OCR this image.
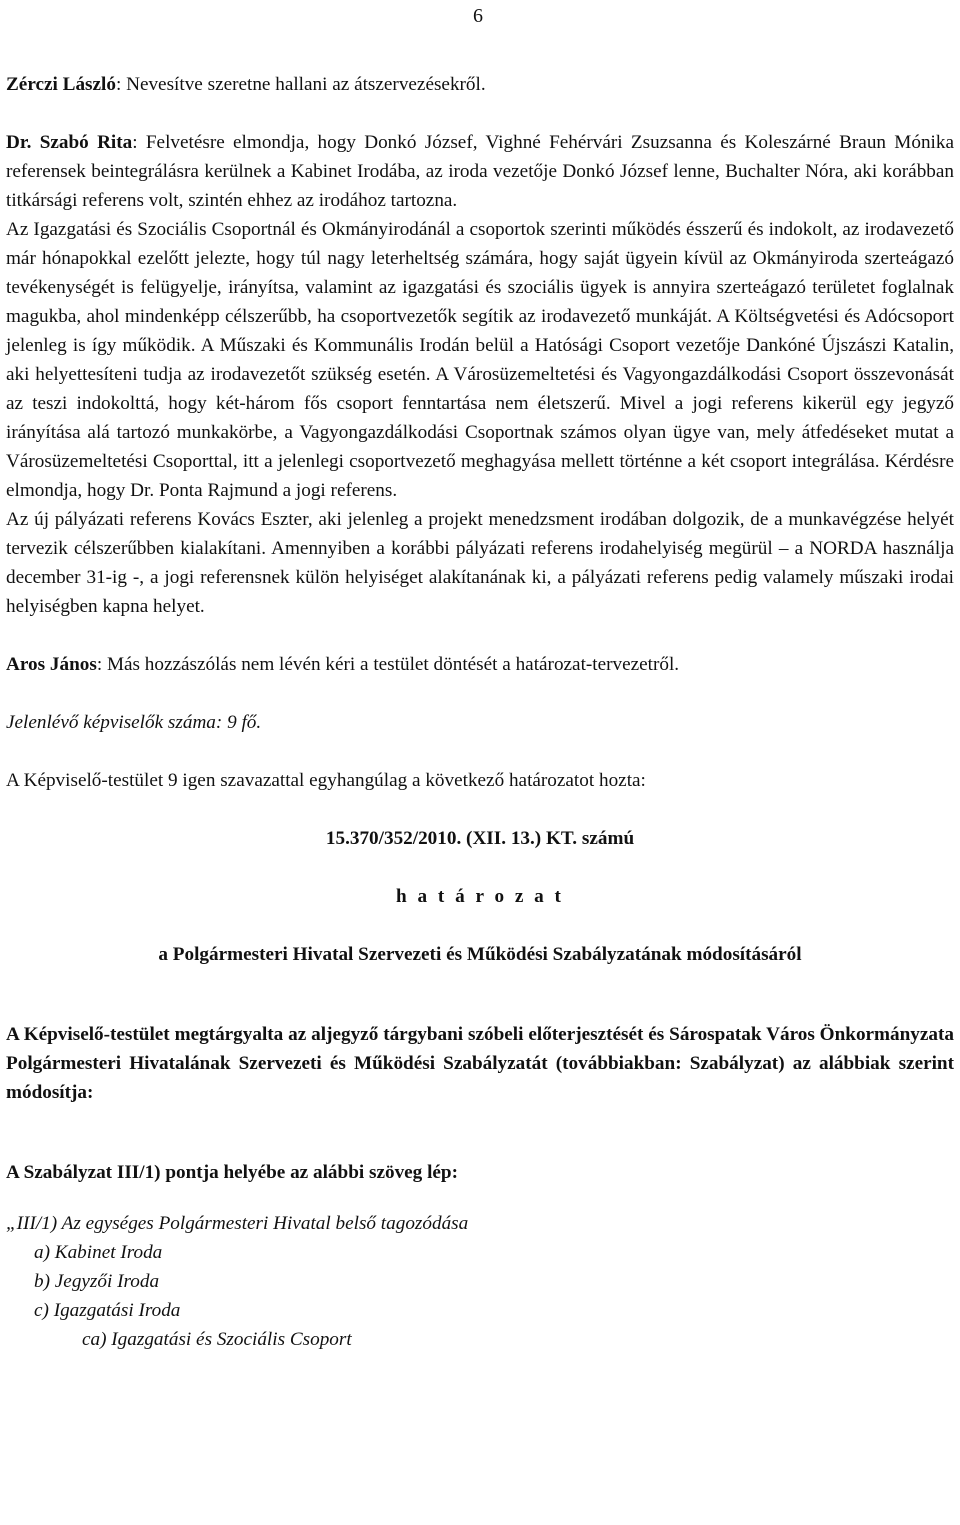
6

Zérczi László: Nevesítve szeretne hallani az átszervezésekről.

Dr. Szabó Rita: Felvetésre elmondja, hogy Donkó József, Vighné Fehérvári Zsuzsanna és Koleszárné Braun Mónika referensek beintegrálásra kerülnek a Kabinet Irodába, az iroda vezetője Donkó József lenne, Buchalter Nóra, aki korábban titkársági referens volt, szintén ehhez az irodához tartozna.

Az Igazgatási és Szociális Csoportnál és Okmányirodánál a csoportok szerinti működés ésszerű és indokolt, az irodavezető már hónapokkal ezelőtt jelezte, hogy túl nagy leterheltség számára, hogy saját ügyein kívül az Okmányiroda szerteágazó tevékenységét is felügyelje, irányítsa, valamint az igazgatási és szociális ügyek is annyira szerteágazó területet foglalnak magukba, ahol mindenképp célszerűbb, ha csoportvezetők segítik az irodavezető munkáját. A Költségvetési és Adócsoport jelenleg is így működik. A Műszaki és Kommunális Irodán belül a Hatósági Csoport vezetője Dankóné Újszászi Katalin, aki helyettesíteni tudja az irodavezetőt szükség esetén. A Városüzemeltetési és Vagyongazdálkodási Csoport összevonását az teszi indokolttá, hogy két-három fős csoport fenntartása nem életszerű. Mivel a jogi referens kikerül egy jegyző irányítása alá tartozó munkakörbe, a Vagyongazdálkodási Csoportnak számos olyan ügye van, mely átfedéseket mutat a Városüzemeltetési Csoporttal, itt a jelenlegi csoportvezető meghagyása mellett történne a két csoport integrálása. Kérdésre elmondja, hogy Dr. Ponta Rajmund a jogi referens.

Az új pályázati referens Kovács Eszter, aki jelenleg a projekt menedzsment irodában dolgozik, de a munkavégzése helyét tervezik célszerűbben kialakítani. Amennyiben a korábbi pályázati referens irodahelyiség megürül – a NORDA használja december 31-ig -, a jogi referensnek külön helyiséget alakítanának ki, a pályázati referens pedig valamely műszaki irodai helyiségben kapna helyet.

Aros János: Más hozzászólás nem lévén kéri a testület döntését a határozat-tervezetről.

Jelenlévő képviselők száma: 9 fő.

A Képviselő-testület 9 igen szavazattal egyhangúlag a következő határozatot hozta:

15.370/352/2010. (XII. 13.) KT. számú

h a t á r o z a t

a Polgármesteri Hivatal Szervezeti és Működési Szabályzatának módosításáról

A Képviselő-testület megtárgyalta az aljegyző tárgybani szóbeli előterjesztését és Sárospatak Város Önkormányzata Polgármesteri Hivatalának Szervezeti és Működési Szabályzatát (továbbiakban: Szabályzat) az alábbiak szerint módosítja:

A Szabályzat III/1) pontja helyébe az alábbi szöveg lép:

„III/1) Az egységes Polgármesteri Hivatal belső tagozódása

a) Kabinet Iroda
b) Jegyzői Iroda
c) Igazgatási Iroda
ca) Igazgatási és Szociális Csoport
